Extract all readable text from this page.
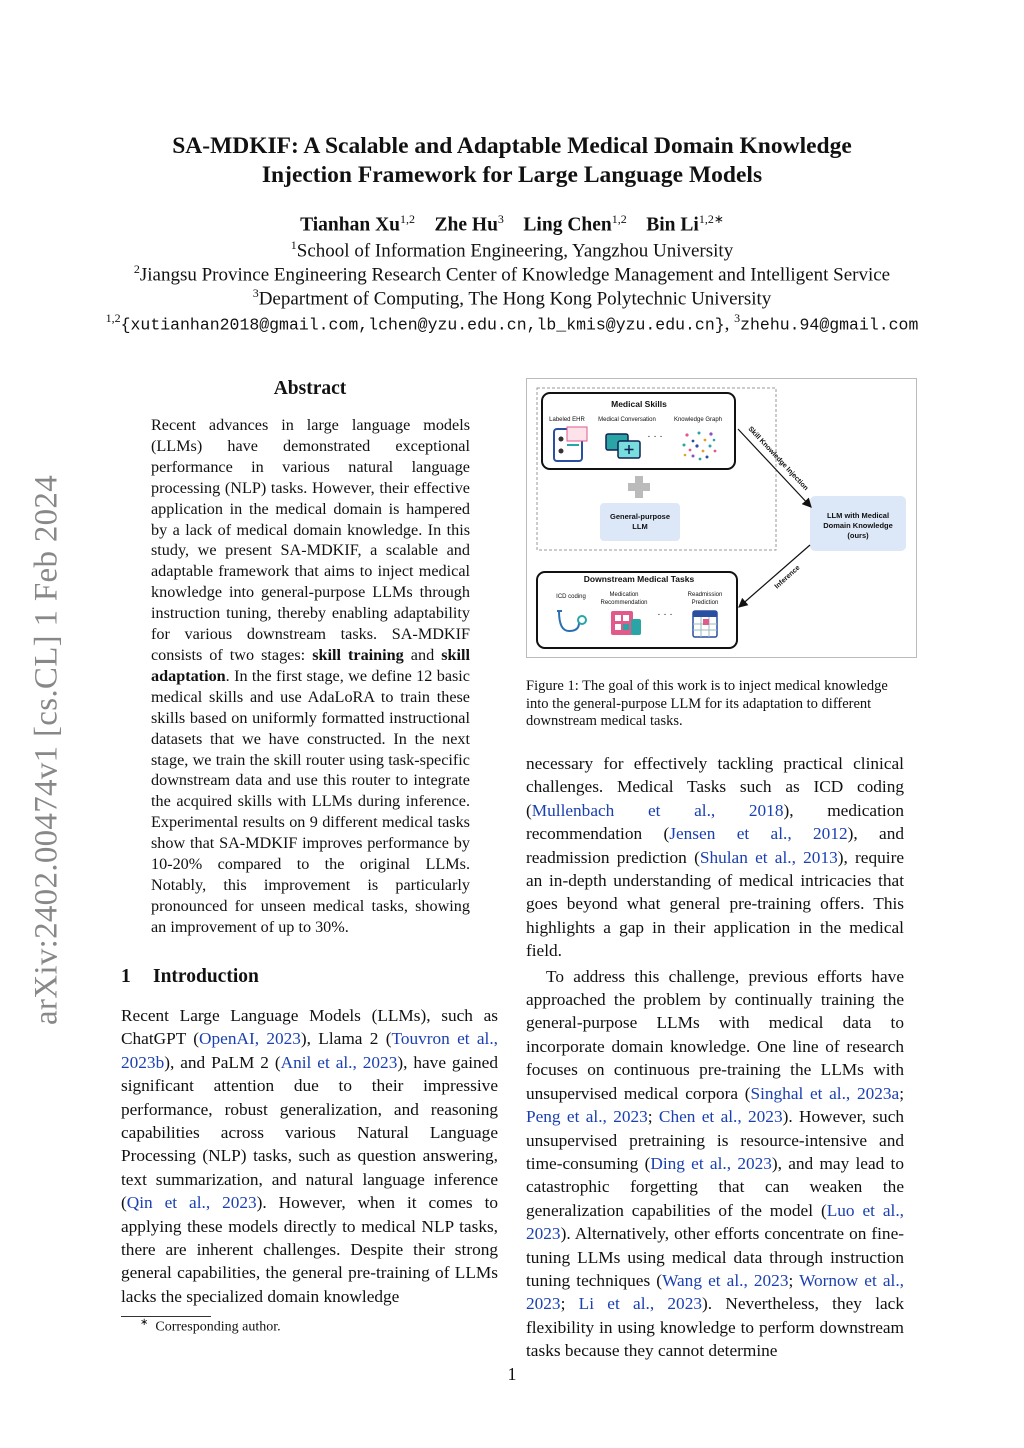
arXiv:2402.00474v1 [cs.CL] 1 Feb 2024
SA-MDKIF: A Scalable and Adaptable Medical Domain Knowledge
Injection Framework for Large Language Models
Tianhan Xu$^{1,2}$ Zhe Hu$^3$ Ling Chen$^{1,2}$ Bin $Li^{1,2∗}$
$^1$School of Information Engineering, Yangzhou University
$^2$Jiangsu Province Engineering Research Center of Knowledge Management and Intelligent Service
$^3$Department of Computing, The Hong Kong Polytechnic University
$^{1,2}${xutianhan2018@gmail.com,lchen@yzu.edu.cn,lb_kmis@yzu.edu.cn}, $^3$zhehu.94@gmail.com
Abstract
Recent advances in large language models (LLMs) have demonstrated exceptional performance in various natural language processing (NLP) tasks. However, their effective application in the medical domain is hampered by a lack of medical domain knowledge. In this study, we present SA-MDKIF, a scalable and adaptable framework that aims to inject medical knowledge into general-purpose LLMs through instruction tuning, thereby enabling adaptability for various downstream tasks. SA-MDKIF consists of two stages: skill training and skill adaptation. In the first stage, we define 12 basic medical skills and use AdaLoRA to train these skills based on uniformly formatted instructional datasets that we have constructed. In the next stage, we train the skill router using task-specific downstream data and use this router to integrate the acquired skills with LLMs during inference. Experimental results on 9 different medical tasks show that SA-MDKIF improves performance by 10-20% compared to the original LLMs. Notably, this improvement is particularly pronounced for unseen medical tasks, showing an improvement of up to 30%.
1 Introduction
Recent Large Language Models (LLMs), such as ChatGPT (OpenAI, 2023), Llama 2 (Touvron et al., 2023b), and PaLM 2 (Anil et al., 2023), have gained significant attention due to their impressive performance, robust generalization, and reasoning capabilities across various Natural Language Processing (NLP) tasks, such as question answering, text summarization, and natural language inference (Qin et al., 2023). However, when it comes to applying these models directly to medical NLP tasks, there are inherent challenges. Despite their strong general capabilities, the general pre-training of LLMs lacks the specialized domain knowledge
∗ Corresponding author.
Medical Skills
Labeled EHR Medical Conversation	Knowledge Graph
· · ·
General-purpose
LLM
LLM with Medical
Domain Knowledge
(ours)
Skill Knowledge Injection
Inference
Downstream Medical Tasks
ICD coding	Medication
Recommendation
Readmission
Prediction
· · ·
Figure 1: The goal of this work is to inject medical knowledge into the general-purpose LLM for its adaptation to different downstream medical tasks.

necessary for effectively tackling practical clinical challenges. Medical Tasks such as ICD coding (Mullenbach et al., 2018), medication recommendation (Jensen et al., 2012), and readmission prediction (Shulan et al., 2013), require an in-depth understanding of medical intricacies that goes beyond what general pre-training offers. This highlights a gap in their application in the medical field.

To address this challenge, previous efforts have approached the problem by continually training the general-purpose LLMs with medical data to incorporate domain knowledge. One line of research focuses on continuous pre-training the LLMs with unsupervised medical corpora (Singhal et al., 2023a; Peng et al., 2023; Chen et al., 2023). However, such unsupervised pretraining is resource-intensive and time-consuming (Ding et al., 2023), and may lead to catastrophic forgetting that can weaken the generalization capabilities of the model (Luo et al., 2023). Alternatively, other efforts concentrate on fine-tuning LLMs using medical data through instruction tuning techniques (Wang et al., 2023; Wornow et al., 2023; Li et al., 2023). Nevertheless, they lack flexibility in using knowledge to perform downstream tasks because they cannot determine

1
